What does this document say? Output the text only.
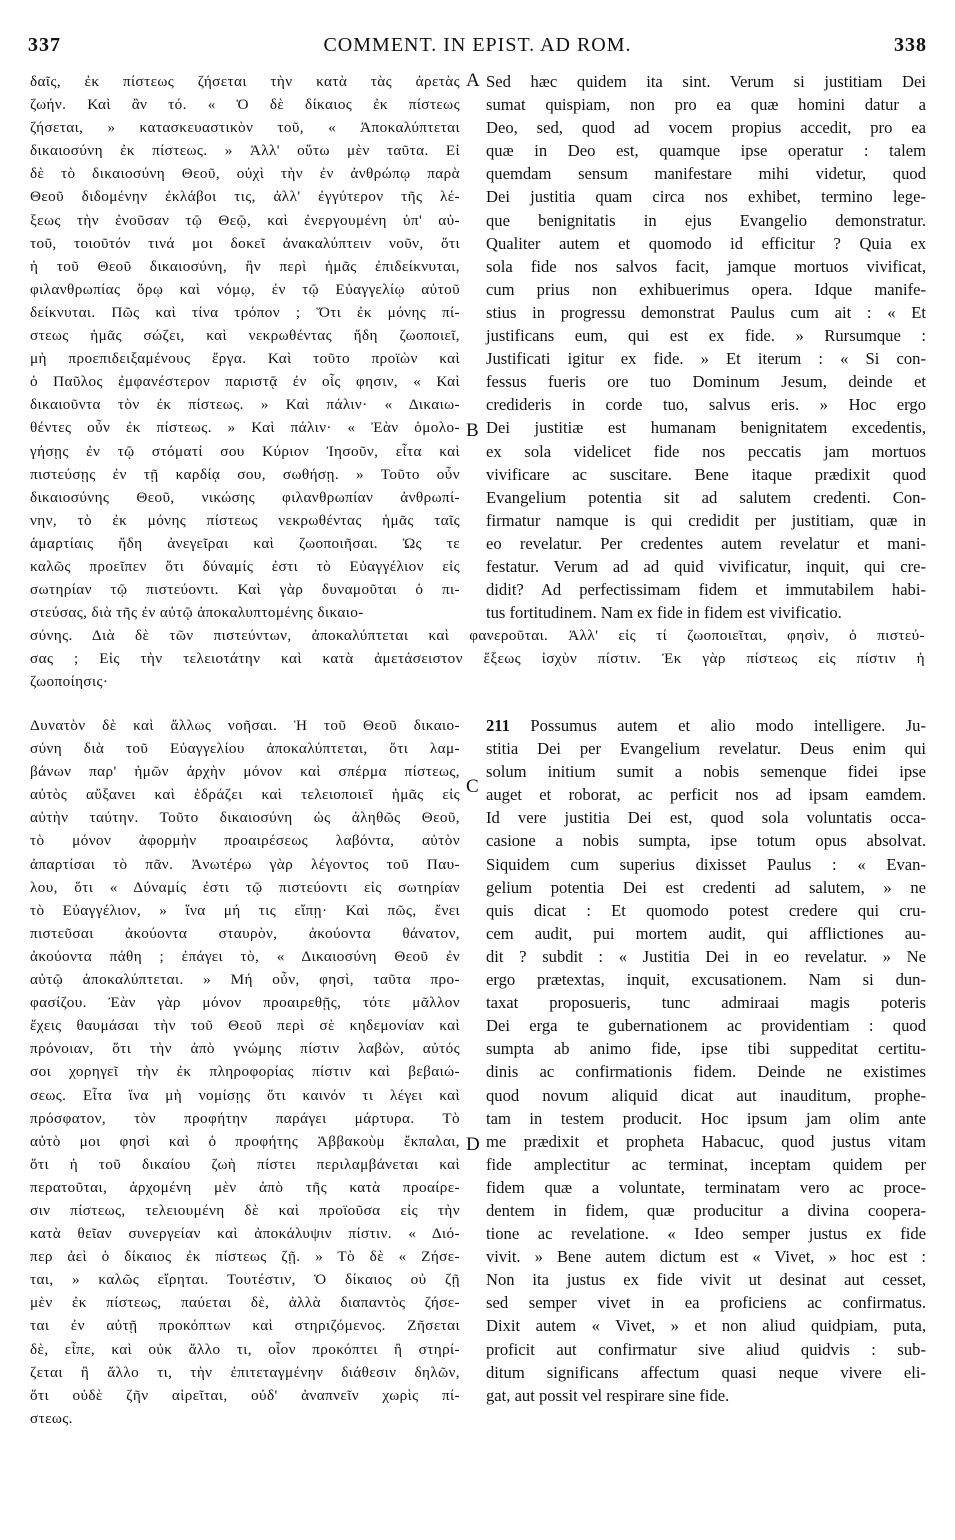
337	COMMENT. IN EPIST. AD ROM.	338
δαῖς, ἐκ πίστεως ζήσεται τὴν κατὰ τὰς ἀρετὰς
ζωήν. Καὶ ἂν τό. « Ὁ δὲ δίκαιος ἐκ πίστεως
ζήσεται, » κατασκευαστικὸν τοῦ, « Ἀποκαλύπτεται
δικαιοσύνη ἐκ πίστεως. » Ἀλλ' οὕτω μὲν ταῦτα. Εἰ
δὲ τὸ δικαιοσύνη Θεοῦ, οὐχὶ τὴν ἐν ἀνθρώπῳ παρὰ
Θεοῦ διδομένην ἐκλάβοι τις, ἀλλ' ἐγγύτερον τῆς λέ-
ξεως τὴν ἐνοῦσαν τῷ Θεῷ, καὶ ἐνεργουμένη ὑπ' αὐ-
τοῦ, τοιοῦτόν τινά μοι δοκεῖ ἀνακαλύπτειν νοῦν, ὅτι
ἡ τοῦ Θεοῦ δικαιοσύνη, ἣν περὶ ἡμᾶς ἐπιδείκνυται,
φιλανθρωπίας ὅρῳ καὶ νόμῳ, ἐν τῷ Εὐαγγελίῳ αὐτοῦ
δείκνυται. Πῶς καὶ τίνα τρόπον ; Ὅτι ἐκ μόνης πί-
στεως ἡμᾶς σώζει, καὶ νεκρωθέντας ἤδη ζωοποιεῖ,
μὴ προεπιδειξαμένους ἔργα. Καὶ τοῦτο προϊὼν καὶ
ὁ Παῦλος ἐμφανέστερον παριστᾷ ἐν οἷς φησιν, « Καὶ
δικαιοῦντα τὸν ἐκ πίστεως. » Καὶ πάλιν· « Δικαιω-
θέντες οὖν ἐκ πίστεως. » Καὶ πάλιν· « Ἐὰν ὁμολο-
γήσῃς ἐν τῷ στόματί σου Κύριον Ἰησοῦν, εἶτα καὶ
πιστεύσῃς ἐν τῇ καρδίᾳ σου, σωθήσῃ. » Τοῦτο οὖν
δικαιοσύνης Θεοῦ, νικώσης φιλανθρωπίαν ἀνθρωπί-
νην, τὸ ἐκ μόνης πίστεως νεκρωθέντας ἡμᾶς ταῖς
ἁμαρτίαις ἤδη ἀνεγεῖραι καὶ ζωοποιῆσαι. Ὡς τε
καλῶς προεῖπεν ὅτι δύναμίς ἐστι τὸ Εὐαγγέλιον εἰς
σωτηρίαν τῷ πιστεύοντι. Καὶ γὰρ δυναμοῦται ὁ πι-
στεύσας, διὰ τῆς ἐν αὐτῷ ἀποκαλυπτομένης δικαιο-
Sed hæc quidem ita sint. Verum si justitiam Dei
sumat quispiam, non pro ea quæ homini datur a
Deo, sed, quod ad vocem propius accedit, pro ea
quæ in Deo est, quamque ipse operatur : talem
quemdam sensum manifestare mihi videtur, quod
Dei justitia quam circa nos exhibet, termino lege-
que benignitatis in ejus Evangelio demonstratur.
Qualiter autem et quomodo id efficitur ? Quia ex
sola fide nos salvos facit, jamque mortuos vivificat,
cum prius non exhibuerimus opera. Idque manife-
stius in progressu demonstrat Paulus cum ait : « Et
justificans eum, qui est ex fide. » Rursumque :
Justificati igitur ex fide. » Et iterum : « Si con-
fessus fueris ore tuo Dominum Jesum, deinde et
credideris in corde tuo, salvus eris. » Hoc ergo
Dei justitiæ est humanam benignitatem excedentis,
ex sola videlicet fide nos peccatis jam mortuos
vivificare ac suscitare. Bene itaque prædixit quod
Evangelium potentia sit ad salutem credenti. Con-
firmatur namque is qui credidit per justitiam, quæ in
eo revelatur. Per credentes autem revelatur et mani-
festatur. Verum ad ad quid vivificatur, inquit, qui cre-
didit? Ad perfectissimam fidem et immutabilem habi-
tus fortitudinem. Nam ex fide in fidem est vivificatio.
σύνης. Διὰ δὲ τῶν πιστεύντων, ἀποκαλύπτεται καὶ φανεροῦται. Ἀλλ' εἰς τί ζωοποιεῖται, φησὶν, ὁ πιστεύ-
σας ; Εἰς τὴν τελειοτάτην καὶ κατὰ ἀμετάσειστον ἕξεως ἰσχὺν πίστιν. Ἐκ γὰρ πίστεως εἰς πίστιν ἡ
ζωοποίησις·
Δυνατὸν δὲ καὶ ἄλλως νοῆσαι. Ἡ τοῦ Θεοῦ δικαιο-
σύνη διὰ τοῦ Εὐαγγελίου ἀποκαλύπτεται, ὅτι λαμ-
βάνων παρ' ἡμῶν ἀρχὴν μόνον καὶ σπέρμα πίστεως,
αὐτὸς αὔξανει καὶ ἑδράζει καὶ τελειοποιεῖ ἡμᾶς εἰς
αὐτὴν ταύτην. Τοῦτο δικαιοσύνη ὡς ἀληθῶς Θεοῦ,
τὸ μόνον ἀφορμὴν προαιρέσεως λαβόντα, αὐτὸν
ἀπαρτίσαι τὸ πᾶν. Ἀνωτέρω γὰρ λέγοντος τοῦ Παυ-
λου, ὅτι « Δύναμίς ἐστι τῷ πιστεύοντι εἰς σωτηρίαν
τὸ Εὐαγγέλιον, » ἵνα μή τις εἴπῃ· Καὶ πῶς, ἔνει
πιστεῦσαι ἀκούοντα σταυρὸν, ἀκούοντα θάνατον,
ἀκούοντα πάθη ; ἐπάγει τὸ, « Δικαιοσύνη Θεοῦ ἐν
αὐτῷ ἀποκαλύπτεται. » Μή οὖν, φησὶ, ταῦτα προ-
φασίζου. Ἐὰν γὰρ μόνον προαιρεθῇς, τότε μᾶλλον
ἔχεις θαυμάσαι τὴν τοῦ Θεοῦ περὶ σὲ κηδεμονίαν καὶ
πρόνοιαν, ὅτι τὴν ἀπὸ γνώμης πίστιν λαβὼν, αὐτός
σοι χορηγεῖ τὴν ἐκ πληροφορίας πίστιν καὶ βεβαιώ-
σεως. Εἶτα ἵνα μὴ νομίσῃς ὅτι καινόν τι λέγει καὶ
πρόσφατον, τὸν προφήτην παράγει μάρτυρα. Τὸ
αὐτὸ μοι φησὶ καὶ ὁ προφήτης Ἀββακοὺμ ἔκπαλαι,
ὅτι ἡ τοῦ δικαίου ζωὴ πίστει περιλαμβάνεται καὶ
περατοῦται, ἀρχομένη μὲν ἀπὸ τῆς κατὰ προαίρε-
σιν πίστεως, τελειουμένη δὲ καὶ προϊοῦσα εἰς τὴν
κατὰ θεῖαν συνεργείαν καὶ ἀποκάλυψιν πίστιν. « Διό-
περ ἀεὶ ὁ δίκαιος ἐκ πίστεως ζῇ. » Τὸ δὲ « Ζήσε-
ται, » καλῶς εἴρηται. Τουτέστιν, Ὁ δίκαιος οὐ ζῇ
μὲν ἐκ πίστεως, παύεται δὲ, ἀλλὰ διαπαντὸς ζήσε-
ται ἐν αὐτῇ προκόπτων καὶ στηριζόμενος. Ζῆσεται
δὲ, εἶπε, καὶ οὐκ ἄλλο τι, οἷον προκόπτει ἢ στηρί-
ζεται ἢ ἄλλο τι, τὴν ἐπιτεταγμένην διάθεσιν δηλῶν,
ὅτι οὐδὲ ζῆν αἱρεῖται, οὐδ' ἀναπνεῖν χωρὶς πί-
στεως.
211 Possumus autem et alio modo intelligere. Ju-
stitia Dei per Evangelium revelatur. Deus enim qui
solum initium sumit a nobis semenque fidei ipse
auget et roborat, ac perficit nos ad ipsam eamdem.
Id vere justitia Dei est, quod sola voluntatis occa-
casione a nobis sumpta, ipse totum opus absolvat.
Siquidem cum superius dixisset Paulus : « Evan-
gelium potentia Dei est credenti ad salutem, » ne
quis dicat : Et quomodo potest credere qui cru-
cem audit, pui mortem audit, qui afflictiones au-
dit ? subdit : « Justitia Dei in eo revelatur. » Ne
ergo prætextas, inquit, excusationem. Nam si dun-
taxat proposueris, tunc admiraai magis poteris
Dei erga te gubernationem ac providentiam : quod
sumpta ab animo fide, ipse tibi suppeditat certitu-
dinis ac confirmationis fidem. Deinde ne existimes
quod novum aliquid dicat aut inauditum, prophe-
tam in testem producit. Hoc ipsum jam olim ante
me prædixit et propheta Habacuc, quod justus vitam
fide amplectitur ac terminat, inceptam quidem per
fidem quæ a voluntate, terminatam vero ac proce-
dentem in fidem, quæ producitur a divina coopera-
tione ac revelatione. « Ideo semper justus ex fide
vivit. » Bene autem dictum est « Vivet, » hoc est :
Non ita justus ex fide vivit ut desinat aut cesset,
sed semper vivet in ea proficiens ac confirmatus.
Dixit autem « Vivet, » et non aliud quidpiam, puta,
proficit aut confirmatur sive aliud quidvis : sub-
ditum significans affectum quasi neque vivere eli-
gat, aut possit vel respirare sine fide.
A
B
C
D
